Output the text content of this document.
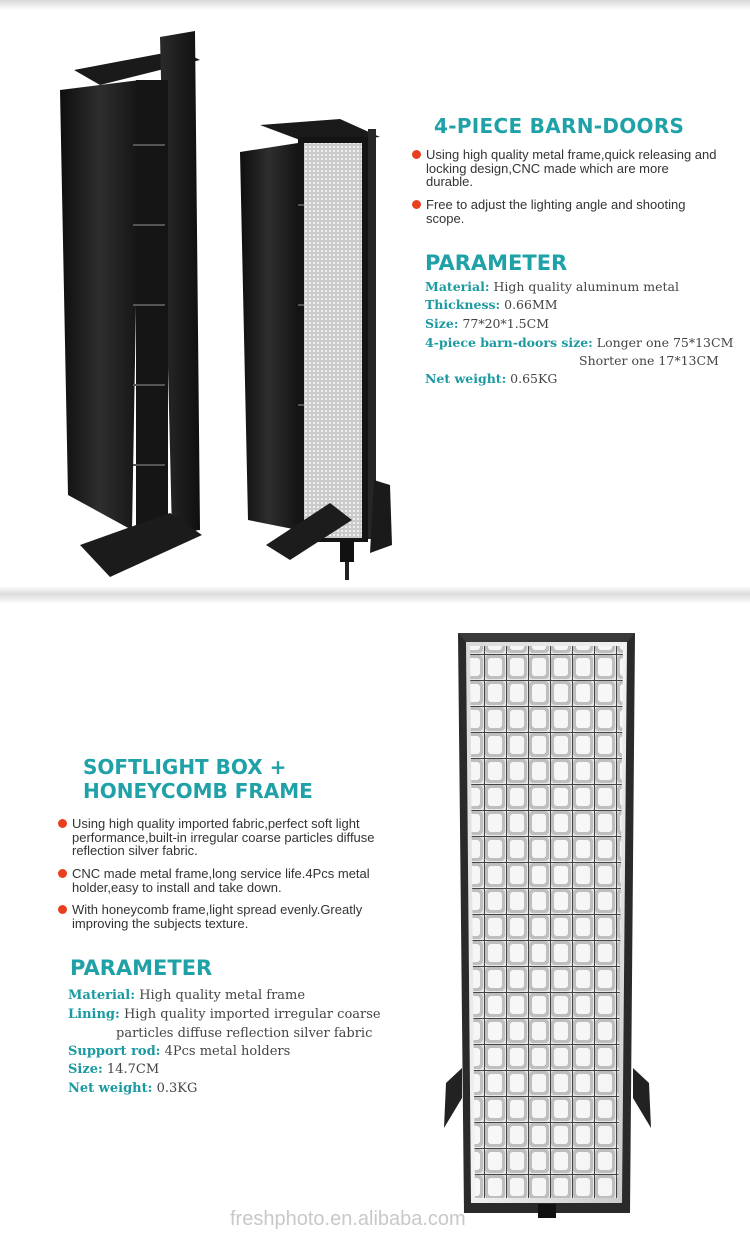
4-PIECE BARN-DOORS
Using high quality metal frame,quick releasing and locking design,CNC made which are more durable.
Free to adjust the lighting angle and shooting scope.
PARAMETER
Material: High quality aluminum metal
Thickness: 0.66MM
Size: 77*20*1.5CM
4-piece barn-doors size: Longer one 75*13CM
Shorter one 17*13CM
Net weight: 0.65KG
SOFTLIGHT BOX +
HONEYCOMB FRAME
Using high quality imported fabric,perfect soft light performance,built-in irregular coarse particles diffuse reflection silver fabric.
CNC made metal frame,long service life.4Pcs metal holder,easy to install and take down.
With honeycomb frame,light spread evenly.Greatly improving the subjects texture.
PARAMETER
Material: High quality metal frame
Lining: High quality imported irregular coarse
particles diffuse reflection silver fabric
Support rod: 4Pcs metal holders
Size: 14.7CM
Net weight: 0.3KG
freshphoto.en.alibaba.com
